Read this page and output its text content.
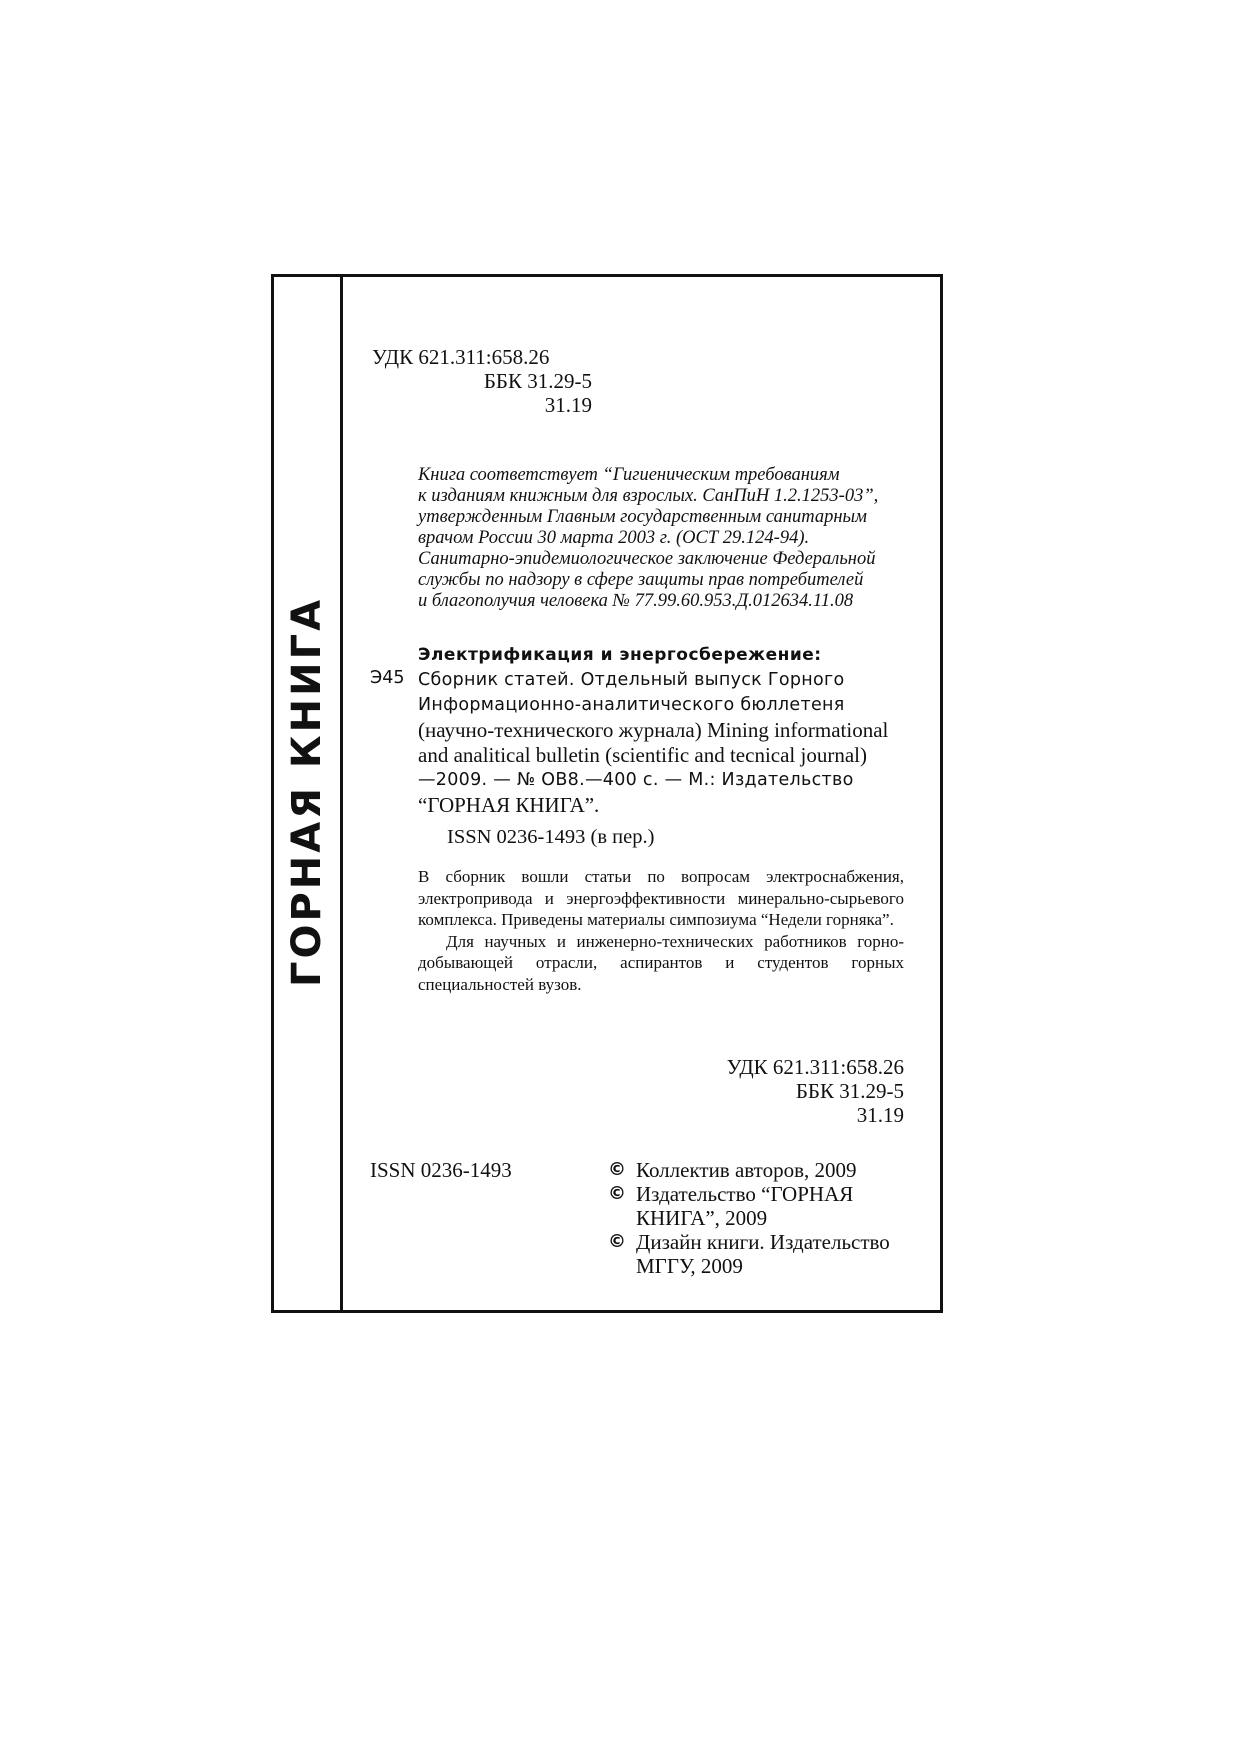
ГОРНАЯ КНИГА
УДК 621.311:658.26
ББК 31.29-5
31.19
Книга соответствует “Гигиеническим требованиям
к изданиям книжным для взрослых. СанПиН 1.2.1253-03”,
утвержденным Главным государственным санитарным
врачом России 30 марта 2003 г. (ОСТ 29.124-94).
Санитарно-эпидемиологическое заключение Федеральной
службы по надзору в сфере защиты прав потребителей
и благополучия человека № 77.99.60.953.Д.012634.11.08
Э45
Электрификация и энергосбережение:
Сборник статей. Отдельный выпуск Горного
Информационно-аналитического бюллетеня
(научно-технического журнала) Mining informational
and analitical bulletin (scientific and tecnical journal)
—2009. — № ОВ8.—400 с. — М.: Издательство
“ГОРНАЯ КНИГА”.
ISSN 0236-1493 (в пер.)

В сборник вошли статьи по вопросам электроснабжения, электропривода и энергоэффективности минерально-сырьевого комплекса. Приведены материалы симпозиума “Недели горняка”.

Для научных и инженерно-технических работников горно-добывающей отрасли, аспирантов и студентов горных специальностей вузов.

УДК 621.311:658.26
ББК 31.29-5
31.19
ISSN 0236-1493	© Коллектив авторов, 2009
© Издательство “ГОРНАЯ КНИГА”, 2009
© Дизайн книги. Издательство МГГУ, 2009
